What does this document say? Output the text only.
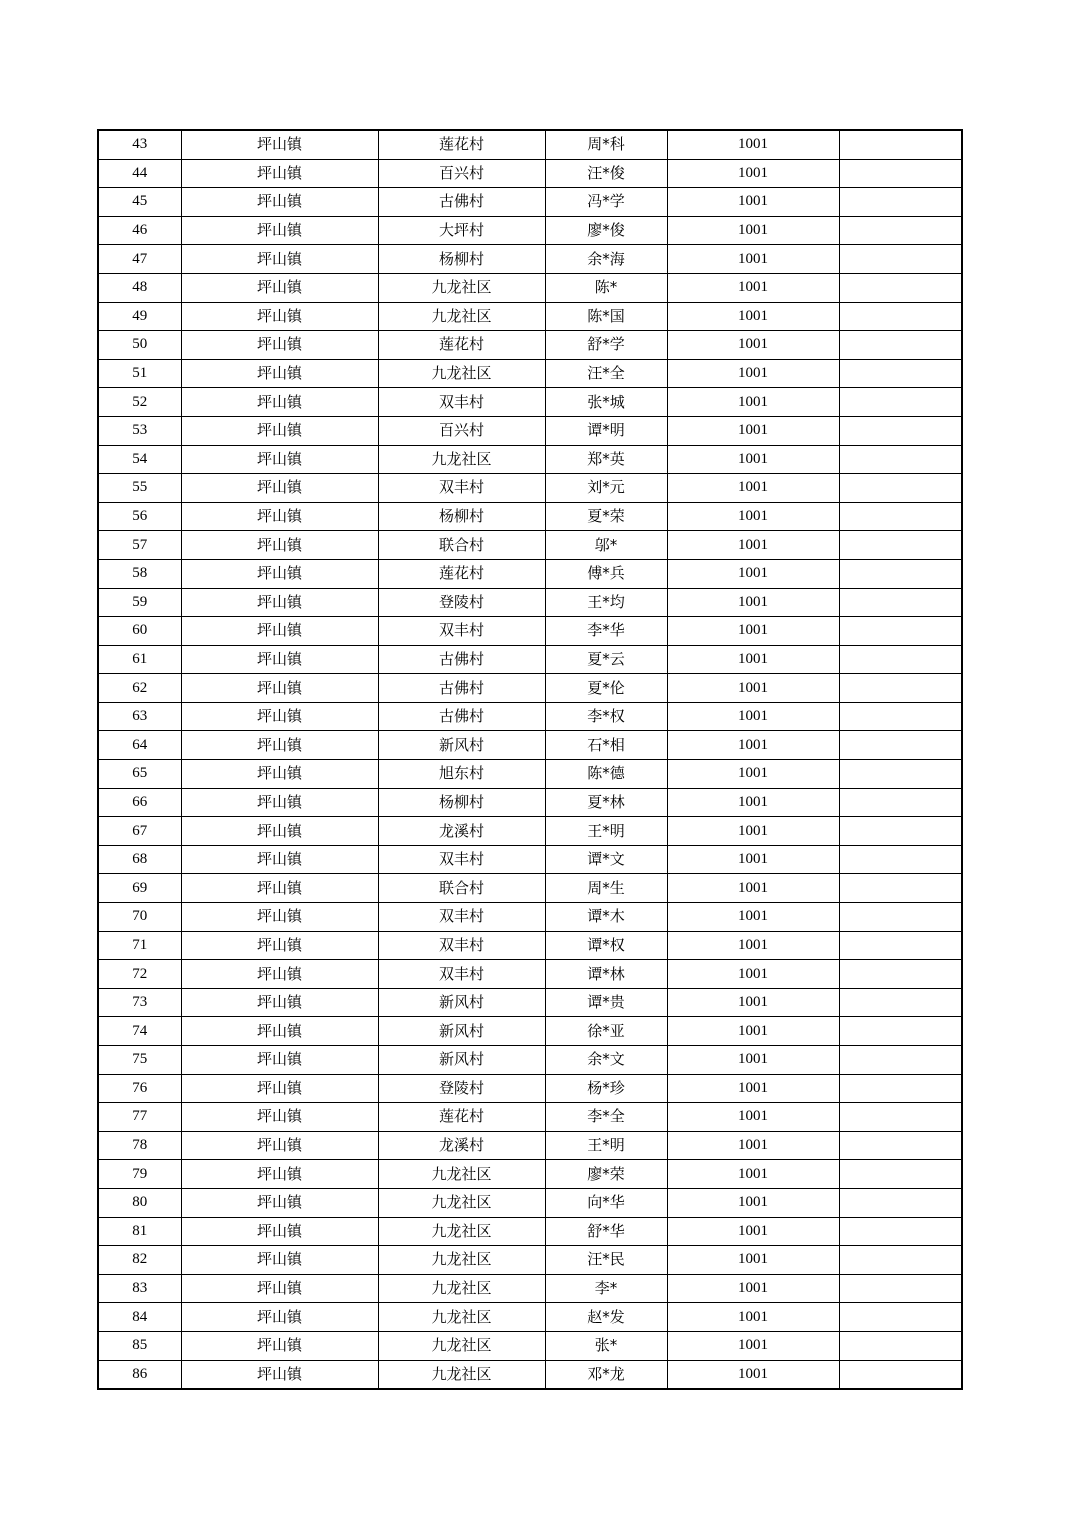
43	坪山镇	莲花村	周*科	1001	
44	坪山镇	百兴村	汪*俊	1001	
45	坪山镇	古佛村	冯*学	1001	
46	坪山镇	大坪村	廖*俊	1001	
47	坪山镇	杨柳村	余*海	1001	
48	坪山镇	九龙社区	陈*	1001	
49	坪山镇	九龙社区	陈*国	1001	
50	坪山镇	莲花村	舒*学	1001	
51	坪山镇	九龙社区	汪*全	1001	
52	坪山镇	双丰村	张*城	1001	
53	坪山镇	百兴村	谭*明	1001	
54	坪山镇	九龙社区	郑*英	1001	
55	坪山镇	双丰村	刘*元	1001	
56	坪山镇	杨柳村	夏*荣	1001	
57	坪山镇	联合村	邬*	1001	
58	坪山镇	莲花村	傅*兵	1001	
59	坪山镇	登陵村	王*均	1001	
60	坪山镇	双丰村	李*华	1001	
61	坪山镇	古佛村	夏*云	1001	
62	坪山镇	古佛村	夏*伦	1001	
63	坪山镇	古佛村	李*权	1001	
64	坪山镇	新风村	石*相	1001	
65	坪山镇	旭东村	陈*德	1001	
66	坪山镇	杨柳村	夏*林	1001	
67	坪山镇	龙溪村	王*明	1001	
68	坪山镇	双丰村	谭*文	1001	
69	坪山镇	联合村	周*生	1001	
70	坪山镇	双丰村	谭*木	1001	
71	坪山镇	双丰村	谭*权	1001	
72	坪山镇	双丰村	谭*林	1001	
73	坪山镇	新风村	谭*贵	1001	
74	坪山镇	新风村	徐*亚	1001	
75	坪山镇	新风村	余*文	1001	
76	坪山镇	登陵村	杨*珍	1001	
77	坪山镇	莲花村	李*全	1001	
78	坪山镇	龙溪村	王*明	1001	
79	坪山镇	九龙社区	廖*荣	1001	
80	坪山镇	九龙社区	向*华	1001	
81	坪山镇	九龙社区	舒*华	1001	
82	坪山镇	九龙社区	汪*民	1001	
83	坪山镇	九龙社区	李*	1001	
84	坪山镇	九龙社区	赵*发	1001	
85	坪山镇	九龙社区	张*	1001	
86	坪山镇	九龙社区	邓*龙	1001	
